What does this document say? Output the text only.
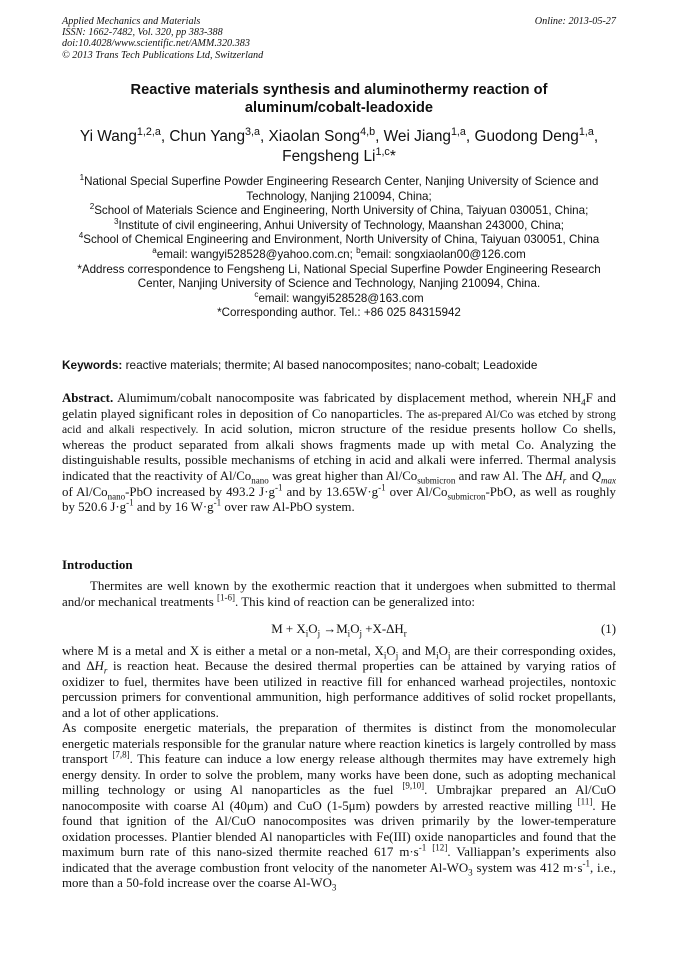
Applied Mechanics and Materials
ISSN: 1662-7482, Vol. 320, pp 383-388
doi:10.4028/www.scientific.net/AMM.320.383
© 2013 Trans Tech Publications Ltd, Switzerland
Online: 2013-05-27
Reactive materials synthesis and aluminothermy reaction of
aluminum/cobalt-leadoxide
Yi Wang$^{1,2,a}$, Chun Yang$^{3,a}$, Xiaolan Song$^{4,b}$, Wei Jiang$^{1,a}$, Guodong Deng$^{1,a}$,
Fengsheng Li$^{1,c}$*
$^1$National Special Superfine Powder Engineering Research Center, Nanjing University of Science and Technology, Nanjing 210094, China;
$^2$School of Materials Science and Engineering, North University of China, Taiyuan 030051, China;
$^3$Institute of civil engineering, Anhui University of Technology, Maanshan 243000, China;
$^4$School of Chemical Engineering and Environment, North University of China, Taiyuan 030051, China
$^a$email: wangyi528528@yahoo.com.cn; $^b$email: songxiaolan00@126.com
*Address correspondence to Fengsheng Li, National Special Superfine Powder Engineering Research Center, Nanjing University of Science and Technology, Nanjing 210094, China.
$^c$email: wangyi528528@163.com
*Corresponding author. Tel.: +86 025 84315942
Keywords: reactive materials; thermite; Al based nanocomposites; nano-cobalt; Leadoxide
Abstract. Alumimum/cobalt nanocomposite was fabricated by displacement method, wherein $NH_4F$ and gelatin played significant roles in deposition of Co nanoparticles. The as-prepared Al/Co was etched by strong acid and alkali respectively. In acid solution, micron structure of the residue presents hollow Co shells, whereas the product separated from alkali shows fragments made up with metal Co. Analyzing the distinguishable results, possible mechanisms of etching in acid and alkali were inferred. Thermal analysis indicated that the reactivity of $Al/Co_{nano}$ was great higher than $Al/Co_{submicron}$ and raw Al. The $\Delta H_r$ and $Q_{max}$ of $Al/Co_{nano}$-PbO increased by 493.2 $J\cdot g^{-1}$ and by $13.65W\cdot g^{-1}$ over $Al/Co_{submicron}$-PbO, as well as roughly by 520.6 $J\cdot g^{-1}$ and by 16 $W\cdot g^{-1}$ over raw Al-PbO system.
Introduction

Thermites are well known by the exothermic reaction that it undergoes when submitted to thermal and/or mechanical treatments [1-6]. This kind of reaction can be generalized into:

$M + X_iO_j \to M_iO_j +X-\Delta H_r$	(1)

where M is a metal and X is either a metal or a non-metal, $X_iO_j$ and $M_iO_j$ are their corresponding oxides, and $\Delta H_r$ is reaction heat. Because the desired thermal properties can be attained by varying ratios of oxidizer to fuel, thermites have been utilized in reactive fill for enhanced warhead projectiles, nontoxic percussion primers for conventional ammunition, high performance additives of solid rocket propellants, and a lot of other applications.

As composite energetic materials, the preparation of thermites is distinct from the monomolecular energetic materials responsible for the granular nature where reaction kinetics is largely controlled by mass transport [7,8]. This feature can induce a low energy release although thermites may have extremely high energy density. In order to solve the problem, many works have been done, such as adopting mechanical milling technology or using Al nanoparticles as the fuel [9,10]. Umbrajkar prepared an Al/CuO nanocomposite with coarse Al (40μm) and CuO (1-5μm) powders by arrested reactive milling [11]. He found that ignition of the Al/CuO nanocomposites was driven primarily by the lower-temperature oxidation processes. Plantier blended Al nanoparticles with Fe(III) oxide nanoparticles and found that the maximum burn rate of this nano-sized thermite reached 617 $m\cdot s^{-1}$ [12]. Valliappan’s experiments also indicated that the average combustion front velocity of the nanometer $Al-WO_3$ system was 412 $m\cdot s^{-1}$, i.e., more than a 50-fold increase over the coarse $Al-WO_3$
